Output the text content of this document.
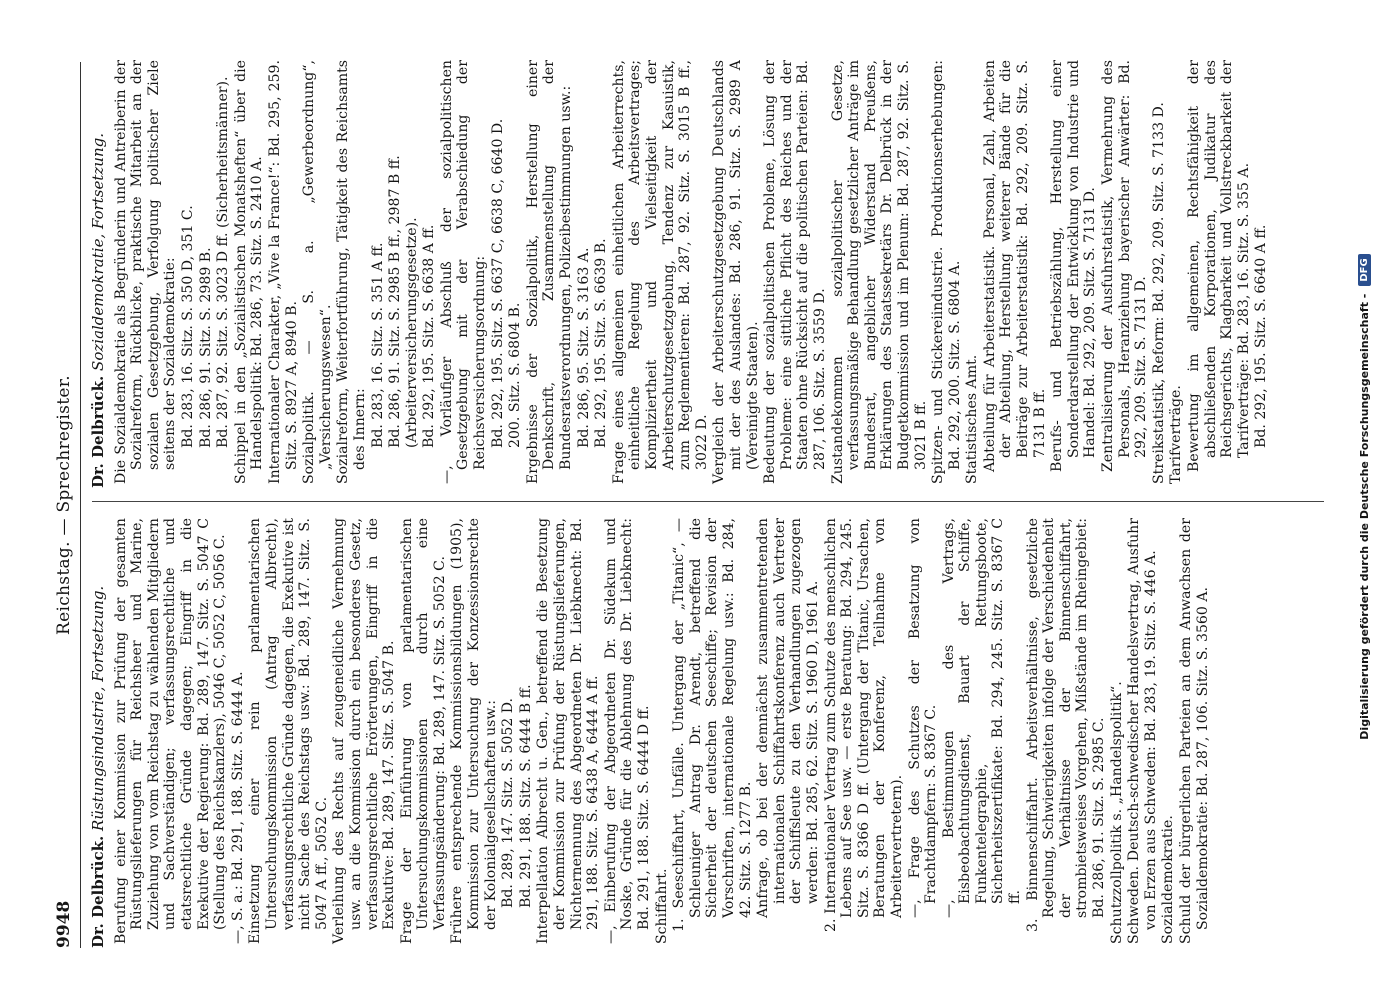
9948
Reichstag. — Sprechregister.
Dr. Delbrück. Rüstungsindustrie, Fortsetzung. Berufung einer Kommission zur Prüfung der gesamten Rüstungslieferungen für Reichsheer und Marine, Zuziehung von vom Reichstag zu wählenden Mitgliedern und Sachverständigen; verfassungsrechtliche und etatsrechtliche Gründe dagegen; Eingriff in die Exekutive der Regierung: Bd. 289, 147. Sitz. S. 5047 C (Stellung des Reichskanzlers), 5046 C, 5052 C, 5056 C. —, S. a.: Bd. 291, 188. Sitz. S. 6444 A. Einsetzung einer rein parlamentarischen Untersuchungskommission (Antrag Albrecht), verfassungsrechtliche Gründe dagegen, die Exekutive ist nicht Sache des Reichstags usw.: Bd. 289, 147. Sitz. S. 5047 A ff., 5052 C. Verleihung des Rechts auf zeugeneidliche Vernehmung usw. an die Kommission durch ein besonderes Gesetz, verfassungsrechtliche Erörterungen, Eingriff in die Exekutive: Bd. 289, 147. Sitz. S. 5047 B. Frage der Einführung von parlamentarischen Untersuchungskommissionen durch eine Verfassungsänderung: Bd. 289, 147. Sitz. S. 5052 C. Frühere entsprechende Kommissionsbildungen (1905), Kommission zur Untersuchung der Konzessionsrechte der Kolonialgesellschaften usw.: Bd. 289, 147. Sitz. S. 5052 D. Bd. 291, 188. Sitz. S. 6444 B ff. Interpellation Albrecht u. Gen., betreffend die Besetzung der Kommission zur Prüfung der Rüstungslieferungen, Nichternennung des Abgeordneten Dr. Liebknecht: Bd. 291, 188. Sitz. S. 6438 A, 6444 A ff. —, Einberufung der Abgeordneten Dr. Südekum und Noske, Gründe für die Ablehnung des Dr. Liebknecht: Bd. 291, 188. Sitz. S. 6444 D ff. Schiffahrt. 1. Seeschiffahrt, Unfälle. Untergang der „Titanic“, — Schleuniger Antrag Dr. Arendt, betreffend die Sicherheit der deutschen Seeschiffe; Revision der Vorschriften, internationale Regelung usw.: Bd. 284, 42. Sitz. S. 1277 B. Anfrage, ob bei der demnächst zusammentretenden internationalen Schiffahrtskonferenz auch Vertreter der Schiffsleute zu den Verhandlungen zugezogen werden: Bd. 285, 62. Sitz. S. 1960 D, 1961 A. 2. Internationaler Vertrag zum Schutze des menschlichen Lebens auf See usw. — erste Beratung: Bd. 294, 245. Sitz. S. 8366 D ff. (Untergang der Titanic, Ursachen, Beratungen der Konferenz, Teilnahme von Arbeitervertretern). —, Frage des Schutzes der Besatzung von Frachtdampfern: S. 8367 C. —, Bestimmungen des Vertrags, Eisbeobachtungsdienst, Bauart der Schiffe, Funkentelegraphie, Rettungsboote, Sicherheitszertifikate: Bd. 294, 245. Sitz. S. 8367 C ff. 3. Binnenschiffahrt. Arbeitsverhältnisse, gesetzliche Regelung, Schwierigkeiten infolge der Verschiedenheit der Verhältnisse der Binnenschiffahrt, strombietsweises Vorgehen, Mißstände im Rheingebiet: Bd. 286, 91. Sitz. S. 2985 C. Schutzzollpolitik s. „Handelspolitik“. Schweden. Deutsch-schwedischer Handelsvertrag, Ausfuhr von Erzen aus Schweden: Bd. 283, 19. Sitz. S. 446 A. Sozialdemokratie. Schuld der bürgerlichen Parteien an dem Anwachsen der Sozialdemokratie: Bd. 287, 106. Sitz. S. 3560 A.
Dr. Delbrück. Sozialdemokratie, Fortsetzung. Die Sozialdemokratie als Begründerin und Antreiberin der Sozialreform, Rückblicke, praktische Mitarbeit an der sozialen Gesetzgebung, Verfolgung politischer Ziele seitens der Sozialdemokratie: Bd. 283, 16. Sitz. S. 350 D, 351 C. Bd. 286, 91. Sitz. S. 2989 B. Bd. 287, 92. Sitz. S. 3023 D ff. (Sicherheitsmänner). Schippel in den „Sozialistischen Monatsheften“ über die Handelspolitik: Bd. 286, 73. Sitz. S. 2410 A. Internationaler Charakter, „Vive la France!“: Bd. 295, 259. Sitz. S. 8927 A, 8940 B. Sozialpolitik. — S. a. „Gewerbeordnung“, „Versicherungswesen“. Sozialreform, Weiterfortführung, Tätigkeit des Reichsamts des Innern: Bd. 283, 16. Sitz. S. 351 A ff. Bd. 286, 91. Sitz. S. 2985 B ff., 2987 B ff. (Arbeiterversicherungsgesetze). Bd. 292, 195. Sitz. S. 6638 A ff. —, Vorläufiger Abschluß der sozialpolitischen Gesetzgebung mit der Verabschiedung der Reichsversicherungsordnung: Bd. 292, 195. Sitz. S. 6637 C, 6638 C, 6640 D. 200. Sitz. S. 6804 B. Ergebnisse der Sozialpolitik, Herstellung einer Denkschrift, Zusammenstellung der Bundesratsverordnungen, Polizeibestimmungen usw.: Bd. 286, 95. Sitz. S. 3163 A. Bd. 292, 195. Sitz. S. 6639 B. Frage eines allgemeinen einheitlichen Arbeiterrechts, einheitliche Regelung des Arbeitsvertrages; Kompliziertheit und Vielseitigkeit der Arbeiterschutzgesetzgebung, Tendenz zur Kasuistik, zum Reglementieren: Bd. 287, 92. Sitz. S. 3015 B ff., 3022 D. Vergleich der Arbeiterschutzgesetzgebung Deutschlands mit der des Auslandes: Bd. 286, 91. Sitz. S. 2989 A (Vereinigte Staaten). Bedeutung der sozialpolitischen Probleme, Lösung der Probleme: eine sittliche Pflicht des Reiches und der Staaten ohne Rücksicht auf die politischen Parteien: Bd. 287, 106. Sitz. S. 3559 D. Zustandekommen sozialpolitischer Gesetze, verfassungsmäßige Behandlung gesetzlicher Anträge im Bundesrat, angeblicher Widerstand Preußens, Erklärungen des Staatssekretärs Dr. Delbrück in der Budgetkommission und im Plenum: Bd. 287, 92. Sitz. S. 3021 B ff. Spitzen- und Stickereiindustrie. Produktionserhebungen: Bd. 292, 200. Sitz. S. 6804 A. Statistisches Amt. Abteilung für Arbeiterstatistik. Personal, Zahl, Arbeiten der Abteilung, Herstellung weiterer Bände für die Beiträge zur Arbeiterstatistik: Bd. 292, 209. Sitz. S. 7131 B ff. Berufs- und Betriebszählung, Herstellung einer Sonderdarstellung der Entwicklung von Industrie und Handel: Bd. 292, 209. Sitz. S. 7131 D. Zentralisierung der Ausfuhrstatistik, Vermehrung des Personals, Heranziehung bayerischer Anwärter: Bd. 292, 209. Sitz. S. 7131 D. Streikstatistik, Reform: Bd. 292, 209. Sitz. S. 7133 D. Tarifverträge. Bewertung im allgemeinen, Rechtsfähigkeit der abschließenden Korporationen, Judikatur des Reichsgerichts, Klagbarkeit und Vollstreckbarkeit der Tarifverträge: Bd. 283, 16. Sitz. S. 355 A. Bd. 292, 195. Sitz. S. 6640 A ff.	Digitalisierung gefördert durch die Deutsche Forschungsgemeinschaft -
DFG
